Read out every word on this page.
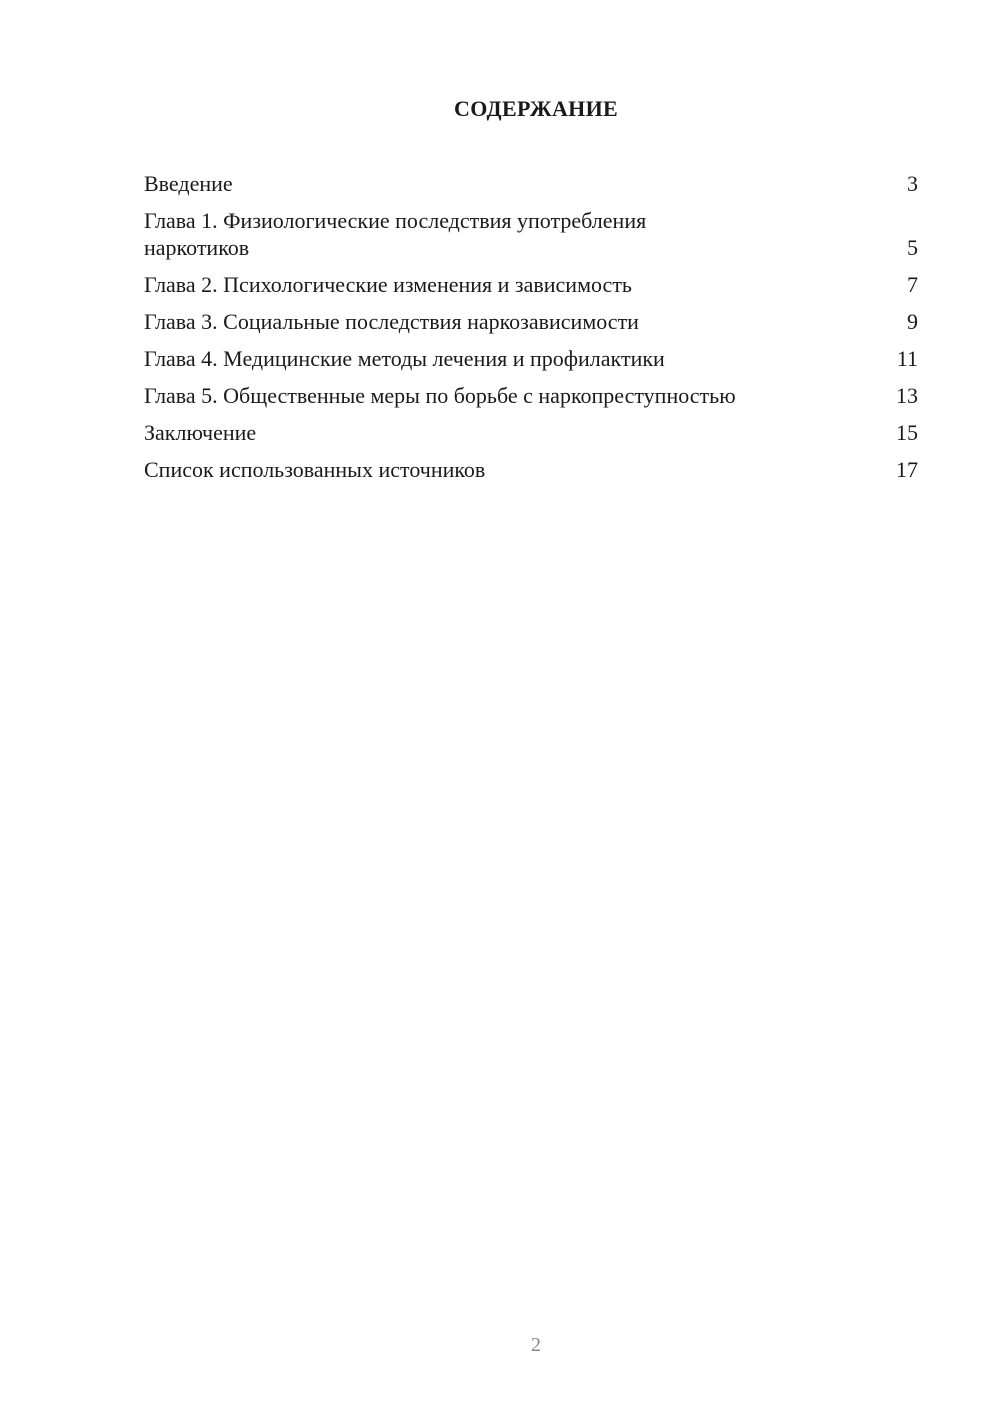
СОДЕРЖАНИЕ
Введение	3
Глава 1. Физиологические последствия употребления наркотиков	5
Глава 2. Психологические изменения и зависимость	7
Глава 3. Социальные последствия наркозависимости	9
Глава 4. Медицинские методы лечения и профилактики	11
Глава 5. Общественные меры по борьбе с наркопреступностью	13
Заключение	15
Список использованных источников	17
2
